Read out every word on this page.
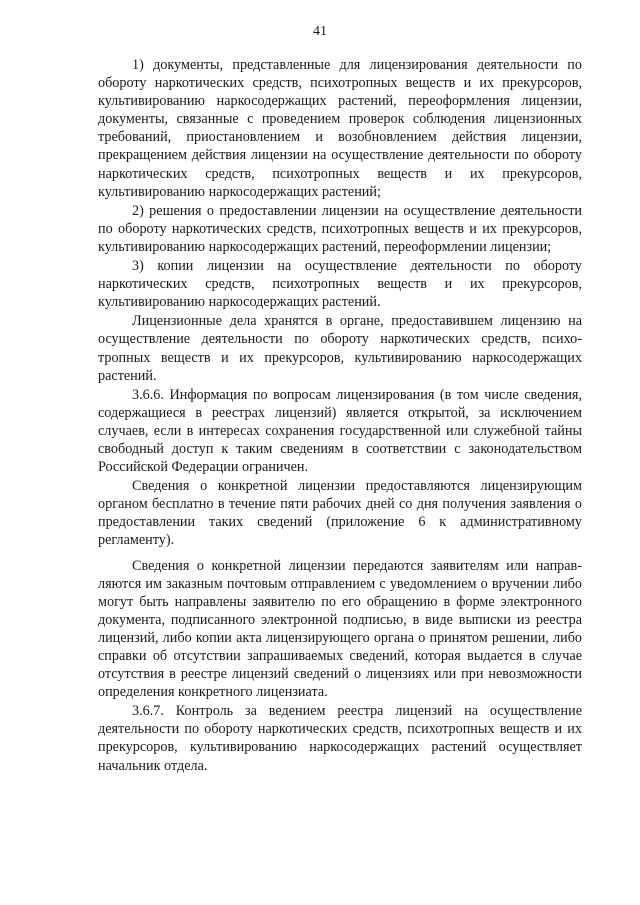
41

1) документы, представленные для лицензирования деятельности по обороту наркотических средств, психотропных веществ и их прекурсоров, культивированию наркосодержащих растений, переоформления лицензии, документы, связанные с проведением проверок соблюдения лицензионных требований, приостановлением и возобновлением действия лицензии, прекращением действия лицензии на осуществление деятельности по обороту наркотических средств, психотропных веществ и их прекурсоров, культивированию наркосодержащих растений;

2) решения о предоставлении лицензии на осуществление деятельности по обороту наркотических средств, психотропных веществ и их прекурсоров, культивированию наркосодержащих растений, переоформлении лицензии;

3) копии лицензии на осуществление деятельности по обороту наркотических средств, психотропных веществ и их прекурсоров, культивированию наркосодержащих растений.

Лицензионные дела хранятся в органе, предоставившем лицензию на осуществление деятельности по обороту наркотических средств, психотропных веществ и их прекурсоров, культивированию наркосодержащих растений.

3.6.6. Информация по вопросам лицензирования (в том числе сведения, содержащиеся в реестрах лицензий) является открытой, за исключением случаев, если в интересах сохранения государственной или служебной тайны свободный доступ к таким сведениям в соответствии с законодательством Российской Федерации ограничен.

Сведения о конкретной лицензии предоставляются лицензирующим органом бесплатно в течение пяти рабочих дней со дня получения заявления о предоставлении таких сведений (приложение 6 к административному регламенту).

Сведения о конкретной лицензии передаются заявителям или направляются им заказным почтовым отправлением с уведомлением о вручении либо могут быть направлены заявителю по его обращению в форме электронного документа, подписанного электронной подписью, в виде выписки из реестра лицензий, либо копии акта лицензирующего органа о принятом решении, либо справки об отсутствии запрашиваемых сведений, которая выдается в случае отсутствия в реестре лицензий сведений о лицензиях или при невозможности определения конкретного лицензиата.

3.6.7. Контроль за ведением реестра лицензий на осуществление деятельности по обороту наркотических средств, психотропных веществ и их прекурсоров, культивированию наркосодержащих растений осуществляет начальник отдела.
